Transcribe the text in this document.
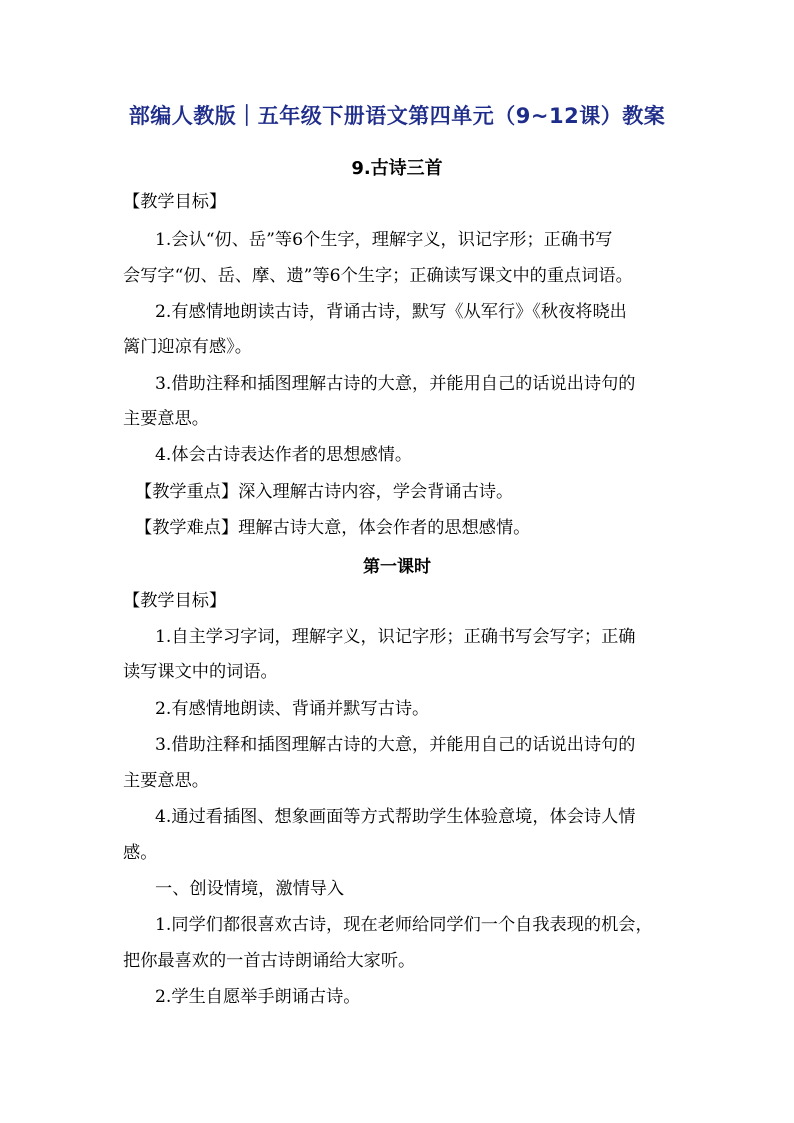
部编人教版｜五年级下册语文第四单元（9~12课）教案
9.古诗三首
【教学目标】
1.会认“仞、岳”等6个生字，理解字义，识记字形；正确书写
会写字“仞、岳、摩、遗”等6个生字；正确读写课文中的重点词语。
2.有感情地朗读古诗，背诵古诗，默写《从军行》《秋夜将晓出
篱门迎凉有感》。
3.借助注释和插图理解古诗的大意，并能用自己的话说出诗句的
主要意思。
4.体会古诗表达作者的思想感情。
【教学重点】深入理解古诗内容，学会背诵古诗。
【教学难点】理解古诗大意，体会作者的思想感情。
第一课时
【教学目标】
1.自主学习字词，理解字义，识记字形；正确书写会写字；正确
读写课文中的词语。
2.有感情地朗读、背诵并默写古诗。
3.借助注释和插图理解古诗的大意，并能用自己的话说出诗句的
主要意思。
4.通过看插图、想象画面等方式帮助学生体验意境，体会诗人情
感。
一、创设情境，激情导入
1.同学们都很喜欢古诗，现在老师给同学们一个自我表现的机会，
把你最喜欢的一首古诗朗诵给大家听。
2.学生自愿举手朗诵古诗。
